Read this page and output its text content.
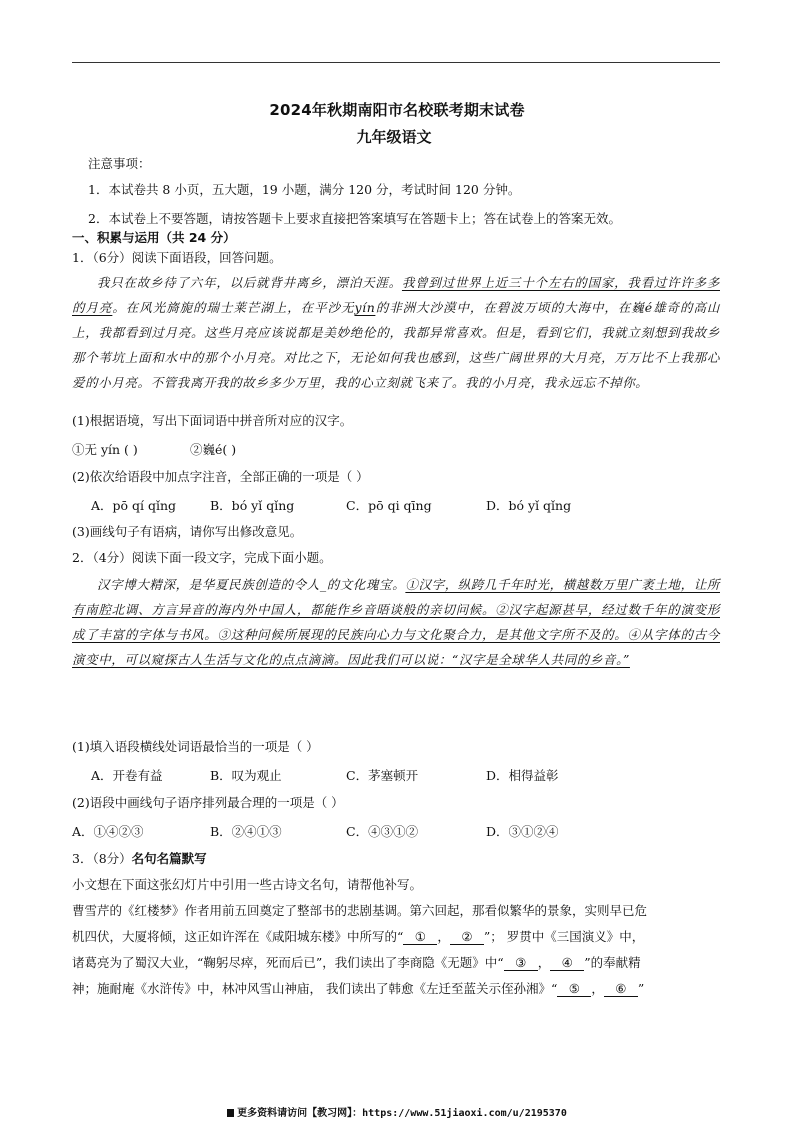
2024年秋期南阳市名校联考期末试卷
九年级语文
注意事项：
1．本试卷共 8 小页，五大题，19 小题，满分 120 分，考试时间 120 分钟。
2．本试卷上不要答题，请按答题卡上要求直接把答案填写在答题卡上；答在试卷上的答案无效。
一、积累与运用（共 24 分）
1．（6分）阅读下面语段，回答问题。

我只在故乡待了六年，以后就背井离乡，漂泊天涯。我曾到过世界上近三十个左右的国家，我看过许许多多的月亮。在风光旖旎的瑞士莱芒湖上，在平沙无yín的非洲大沙漠中，在碧波万顷的大海中，在巍é雄奇的高山上，我都看到过月亮。这些月亮应该说都是美妙绝伦的，我都异常喜欢。但是，看到它们，我就立刻想到我故乡那个苇坑上面和水中的那个小月亮。对比之下，无论如何我也感到，这些广阔世界的大月亮，万万比不上我那心爱的小月亮。不管我离开我的故乡多少万里，我的心立刻就飞来了。我的小月亮，我永远忘不掉你。

(1)根据语境，写出下面词语中拼音所对应的汉字。
①无 yín ( )	②巍é( )
(2)依次给语段中加点字注音，全部正确的一项是（ ）
A．pō qí qǐng	B．bó yǐ qǐng	C．pō qi qīng	D．bó yǐ qǐng
(3)画线句子有语病，请你写出修改意见。
2．（4分）阅读下面一段文字，完成下面小题。

汉字博大精深，是华夏民族创造的令人_的文化瑰宝。①汉字，纵跨几千年时光，横越数万里广袤土地，让所有南腔北调、方言异音的海内外中国人，都能作乡音晤谈般的亲切问候。②汉字起源甚早，经过数千年的演变形成了丰富的字体与书风。③这种问候所展现的民族向心力与文化聚合力，是其他文字所不及的。④从字体的古今演变中，可以窥探古人生活与文化的点点滴滴。因此我们可以说：“汉字是全球华人共同的乡音。”

(1)填入语段横线处词语最恰当的一项是（ ）
A．开卷有益	B．叹为观止	C．茅塞顿开	D．相得益彰
(2)语段中画线句子语序排列最合理的一项是（ ）
A．①④②③	B．②④①③	C．④③①②	D．③①②④
3．（8分）名句名篇默写
小文想在下面这张幻灯片中引用一些古诗文名句，请帮他补写。
曹雪芹的《红楼梦》作者用前五回奠定了整部书的悲剧基调。第六回起，那看似繁华的景象，实则早已危
机四伏，大厦将倾，这正如许浑在《咸阳城东楼》中所写的“ ① ， ② ”； 罗贯中《三国演义》中，
诸葛亮为了蜀汉大业，“鞠躬尽瘁，死而后已”，我们读出了李商隐《无题》中“ ③ ， ④ ”的奉献精
神；施耐庵《水浒传》中，林冲风雪山神庙， 我们读出了韩愈《左迁至蓝关示侄孙湘》“ ⑤ ， ⑥ ”
更多资料请访问【教习网】：https://www.51jiaoxi.com/u/2195370
